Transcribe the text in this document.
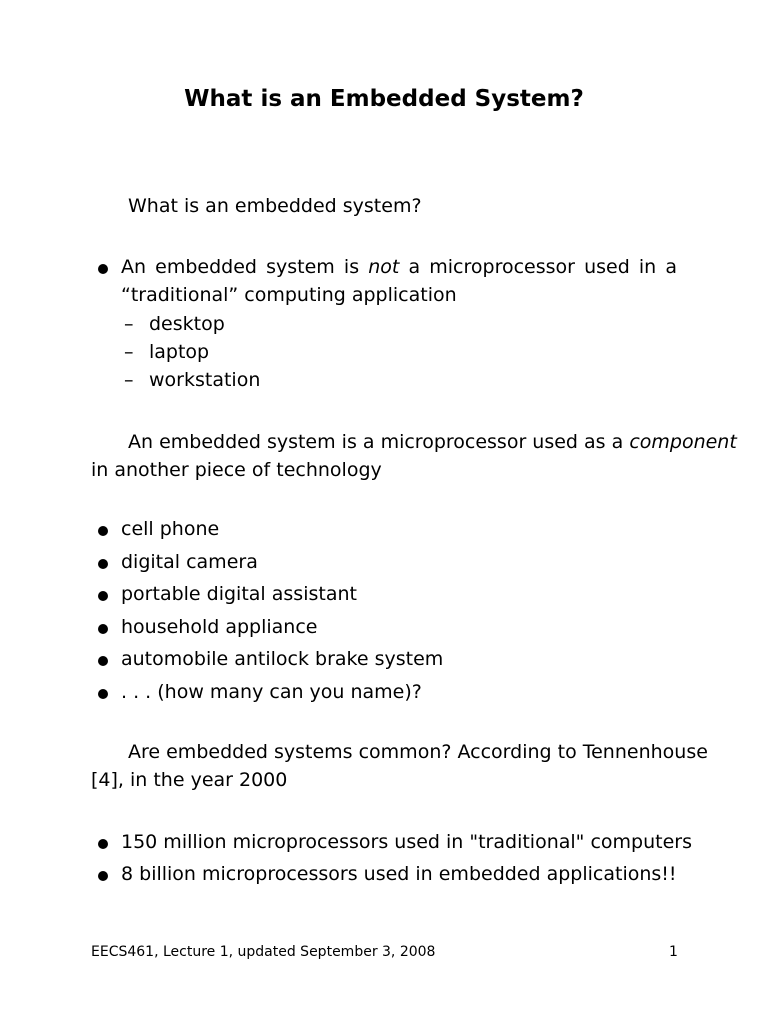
What is an Embedded System?

What is an embedded system?

An embedded system is not a microprocessor used in a

“traditional” computing application

– desktop

– laptop

– workstation

An embedded system is a microprocessor used as a component

in another piece of technology

cell phone

digital camera

portable digital assistant

household appliance

automobile antilock brake system

. . . (how many can you name)?

Are embedded systems common? According to Tennenhouse

[4], in the year 2000

150 million microprocessors used in "traditional" computers

8 billion microprocessors used in embedded applications!!

EECS461, Lecture 1, updated September 3, 2008	1
